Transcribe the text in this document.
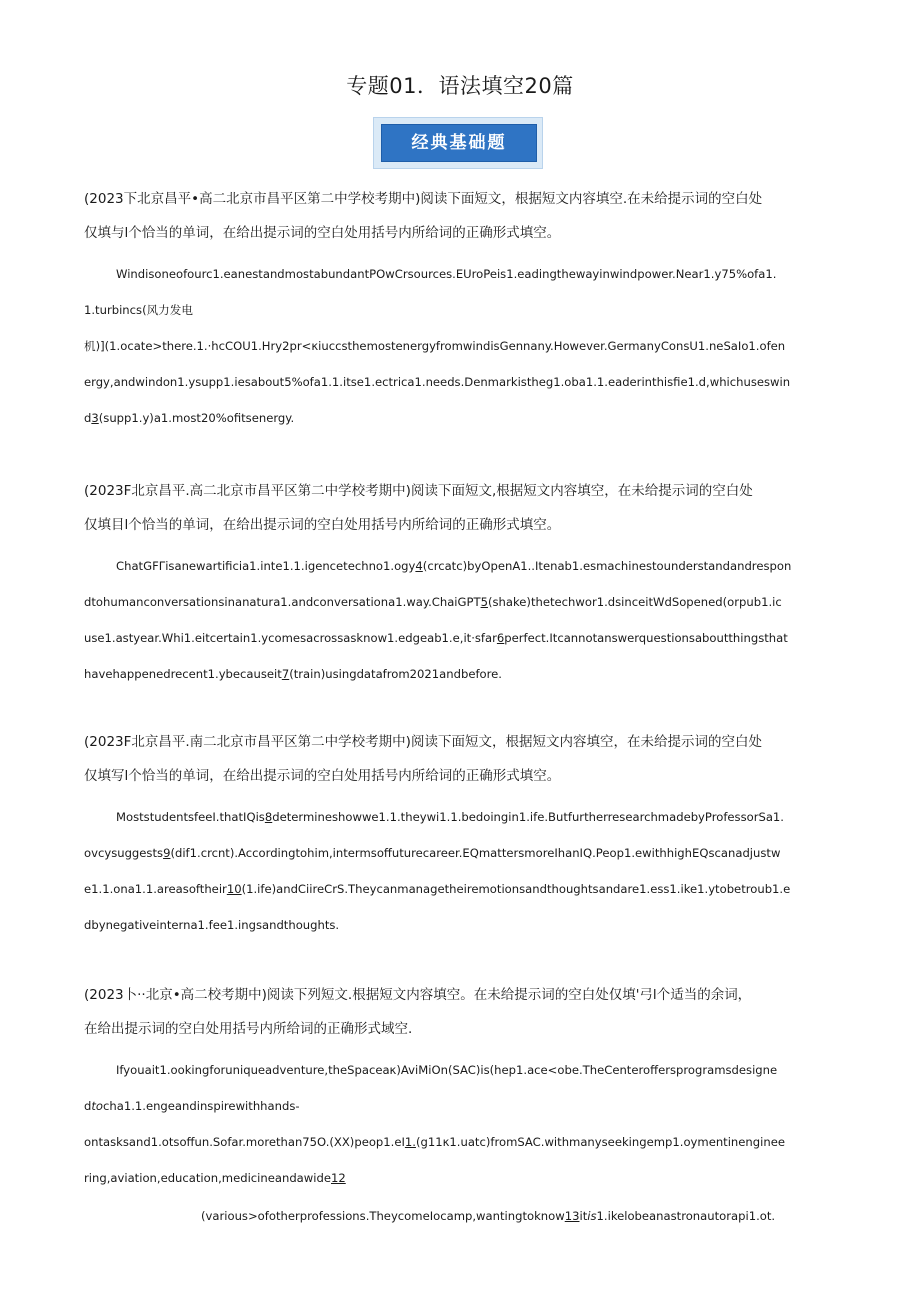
专题01．语法填空20篇
经典基础题

(2023下北京昌平•高二北京市昌平区第二中学校考期中)阅读下面短文，根据短文内容填空.在未给提示词的空白处

仅填与l个恰当的单词，在给出提示词的空白处用括号内所给词的正确形式填空。

Windisoneofourc1.eanestandmostabundantPOwCrsources.EUroPeis1.eadingthewayinwindpower.Near1.y75%ofa1.

1.turbincs(风力发电

机)](1.ocate>there.1.·hcCOU1.Hry2pr<κiuccsthemostenergyfromwindisGennany.However.GermanyConsU1.neSaIo1.ofen

ergy,andwindon1.ysupp1.iesabout5%ofa1.1.itse1.ectrica1.needs.Denmarkistheg1.oba1.1.eaderinthisfie1.d,whichuseswin

d3(supp1.y)a1.most20%ofitsenergy.

(2023F北京昌平.高二北京市昌平区第二中学校考期中)阅读下面短文,根据短文内容填空，在未给提示词的空白处

仅填目l个恰当的单词，在给出提示词的空白处用括号内所给词的正确形式填空。

ChatGFΓisanewartificia1.inte1.1.igencetechno1.ogy4(crcatc)byOpenA1..Itenab1.esmachinestounderstandandrespon

dtohumanconversationsinanatura1.andconversationa1.way.ChaiGPT5(shake)thetechwor1.dsinceitWdSopened(orpub1.ic

use1.astyear.Whi1.eitcertain1.ycomesacrossasknow1.edgeab1.e,it·sfar6perfect.Itcannotanswerquestionsaboutthingsthat

havehappenedrecent1.ybecauseit7(train)usingdatafrom2021andbefore.

(2023F北京昌平.南二北京市昌平区第二中学校考期中)阅读下面短文，根据短文内容填空，在未给提示词的空白处

仅填写l个恰当的单词，在给出提示词的空白处用括号内所给词的正确形式填空。

MoststudentsfeeI.thatIQis8determineshowwe1.1.theywi1.1.bedoingin1.ife.ButfurtherresearchmadebyProfessorSa1.

ovcysuggests9(dif1.crcnt).Accordingtohim,intermsoffuturecareer.EQmattersmoreIhanIQ.Peop1.ewithhighEQscanadjustw

e1.1.ona1.1.areasoftheir10(1.ife)andCiireCrS.Theycanmanagetheiremotionsandthoughtsandare1.ess1.ike1.ytobetroub1.e

dbynegativeinterna1.fee1.ingsandthoughts.

(2023卜··北京•高二校考期中)阅读下列短文.根据短文内容填空。在未给提示词的空白处仅填'弓l个适当的余词，

在给出提示词的空白处用括号内所给词的正确形式域空.

Ifyouait1.ookingforuniqueadventure,theSpaceaκ)AviMiOn(SAC)is(hep1.ace<obe.TheCenteroffersprogramsdesigne

dtocha1.1.engeandinspirewithhands-

ontasksand1.otsoffun.Sofar.morethan75O.(XX)peop1.eI1.(g11κ1.uatc)fromSAC.withmanyseekingemp1.oymentinenginee

ring,aviation,education,medicineandawide12

(various>ofotherprofessions.TheycomeIocamp,wantingtoknow13itis1.ikelobeanastronautorapi1.ot.
